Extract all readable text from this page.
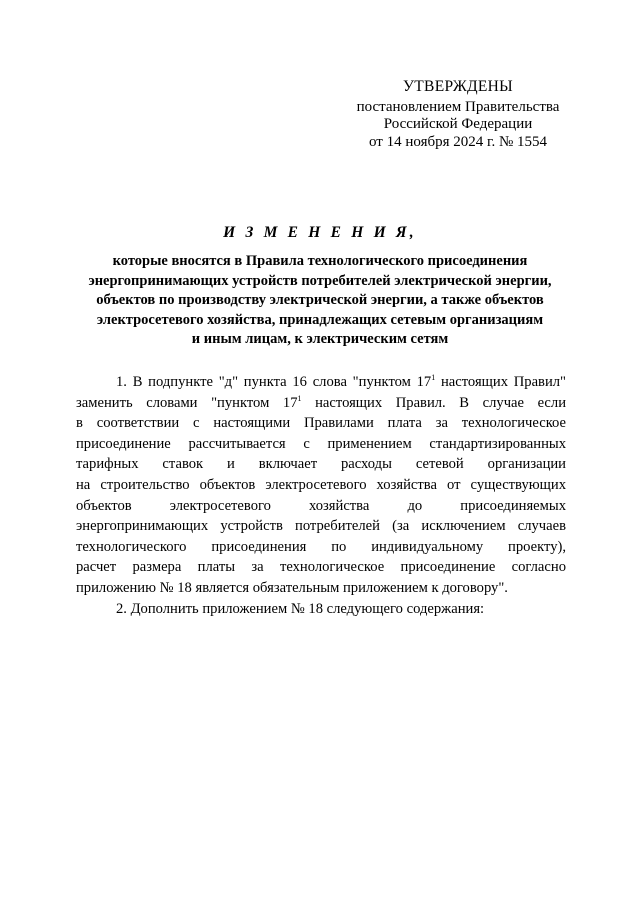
УТВЕРЖДЕНЫ
постановлением Правительства
Российской Федерации
от 14 ноября 2024 г. № 1554
И З М Е Н Е Н И Я,
которые вносятся в Правила технологического присоединения
энергопринимающих устройств потребителей электрической энергии,
объектов по производству электрической энергии, а также объектов
электросетевого хозяйства, принадлежащих сетевым организациям
и иным лицам, к электрическим сетям

1. В подпункте "д" пункта 16 слова "пунктом $17^1$ настоящих Правил"

заменить словами "пунктом $17^1$ настоящих Правил. В случае если

в соответствии с настоящими Правилами плата за технологическое

присоединение рассчитывается с применением стандартизированных

тарифных ставок и включает расходы сетевой организации

на строительство объектов электросетевого хозяйства от существующих

объектов электросетевого хозяйства до присоединяемых

энергопринимающих устройств потребителей (за исключением случаев

технологического присоединения по индивидуальному проекту),

расчет размера платы за технологическое присоединение согласно

приложению № 18 является обязательным приложением к договору".

2. Дополнить приложением № 18 следующего содержания:
